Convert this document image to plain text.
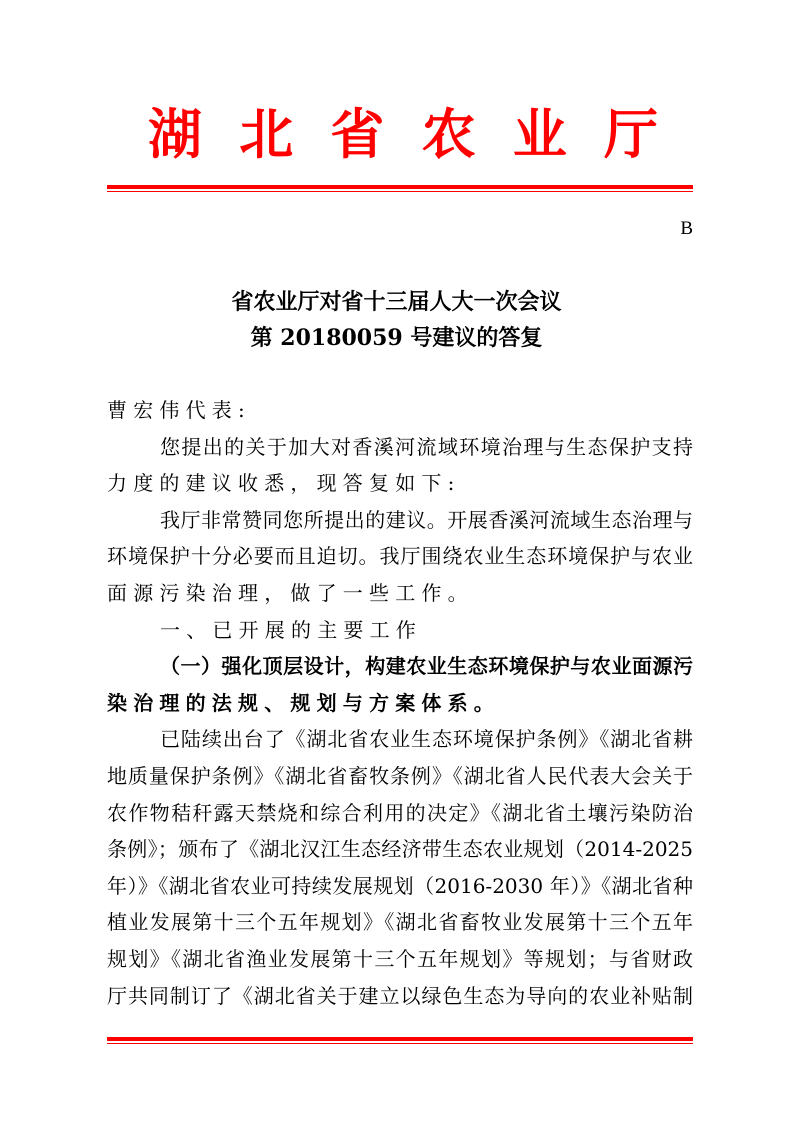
湖 北 省 农 业 厅
B
省农业厅对省十三届人大一次会议
第 20180059 号建议的答复
曹宏伟代表:
您提出的关于加大对香溪河流域环境治理与生态保护支持
力度的建议收悉，现答复如下:
我厅非常赞同您所提出的建议。开展香溪河流域生态治理与
环境保护十分必要而且迫切。我厅围绕农业生态环境保护与农业
面源污染治理，做了一些工作。
一、已开展的主要工作
（一）强化顶层设计，构建农业生态环境保护与农业面源污
染治理的法规、规划与方案体系。
已陆续出台了《湖北省农业生态环境保护条例》《湖北省耕
地质量保护条例》《湖北省畜牧条例》《湖北省人民代表大会关于
农作物秸秆露天禁烧和综合利用的决定》《湖北省土壤污染防治
条例》；颁布了《湖北汉江生态经济带生态农业规划（2014-2025
年）》《湖北省农业可持续发展规划（2016-2030 年）》《湖北省种
植业发展第十三个五年规划》《湖北省畜牧业发展第十三个五年
规划》《湖北省渔业发展第十三个五年规划》等规划；与省财政
厅共同制订了《湖北省关于建立以绿色生态为导向的农业补贴制
